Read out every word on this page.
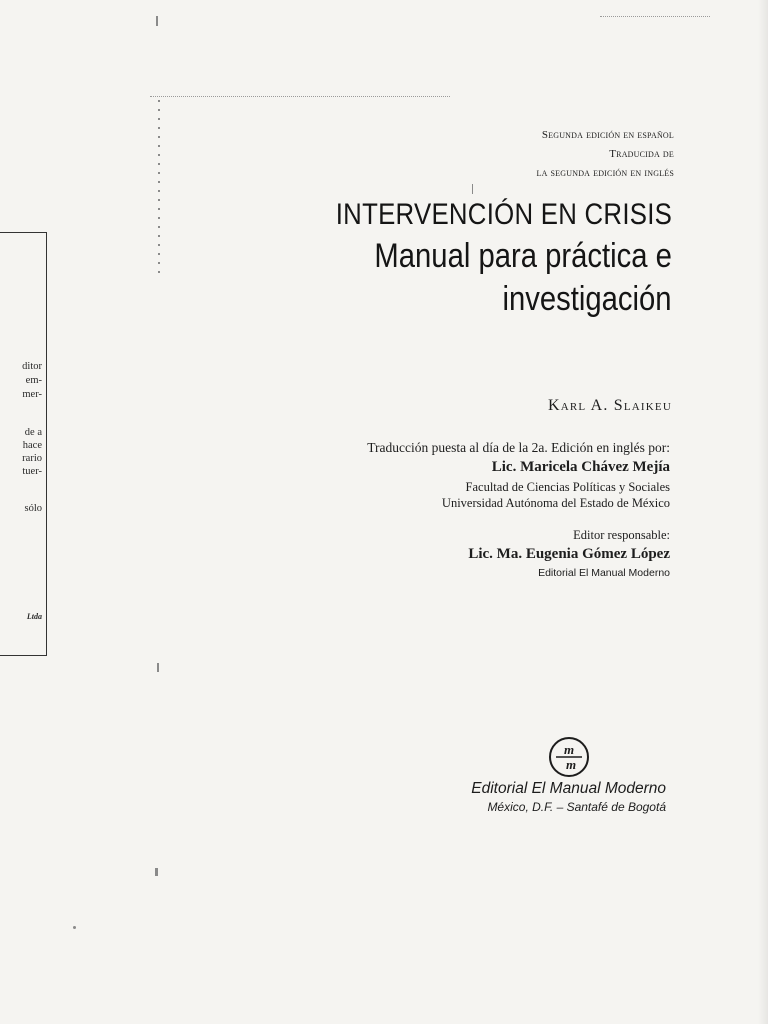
ditor
em-
mer-
de a
hace
rario
tuer-
sólo
Ltda
Segunda edición en español
Traducida de
la segunda edición en inglés
INTERVENCIÓN EN CRISIS
Manual para práctica e
investigación
Karl A. Slaikeu
Traducción puesta al día de la 2a. Edición en inglés por:
Lic. Maricela Chávez Mejía
Facultad de Ciencias Políticas y Sociales
Universidad Autónoma del Estado de México
Editor responsable:
Lic. Ma. Eugenia Gómez López
Editorial El Manual Moderno
m
m
Editorial El Manual Moderno
México, D.F. – Santafé de Bogotá
